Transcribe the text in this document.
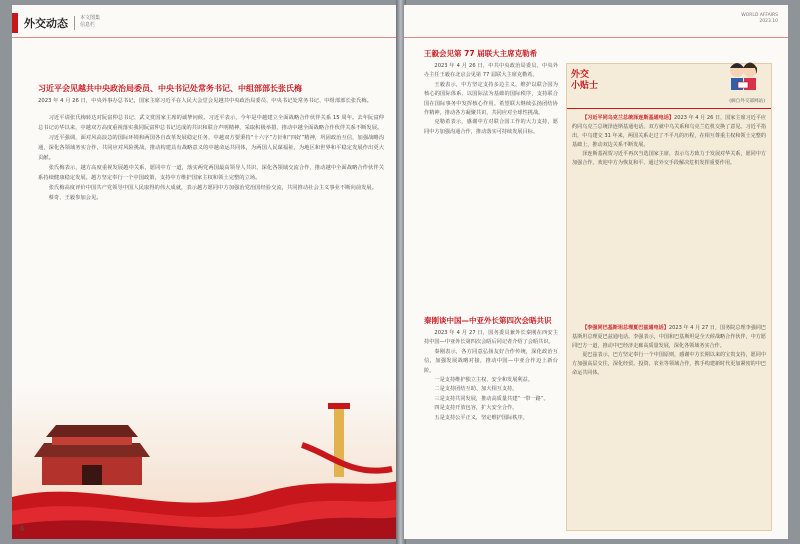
外交动态 本文图集
信息栏
习近平会见越共中央政治局委员、中央书记处常务书记、中组部部长张氏梅
2023 年 4 月 26 日，中央外事办总书记，国家主席习近平在人民大会堂会见越共中央政治局委员、中央书记处常务书记、中组部部长张氏梅。

习近平请张氏梅转达对阮富仲总书记、武文赏国家主席的诚挚问候。习近平表示，今年是中越建立全面战略合作伙伴关系 15 周年。去年阮富仲总书记访华以来，中越双方高度重视落实我同阮富仲总书记达成的共识和联合声明精神，采取积极举措，推动中越全面战略合作伙伴关系不断发展。

习近平强调，面对风高浪急的国际环境和两国各自改革发展稳定任务，中越双方要秉持“十六字”方针和“四好”精神，巩固政治互信，加强战略沟通，深化各领域务实合作，共同应对风险挑战，推动构建具有战略意义的中越命运共同体，为两国人民谋福祉，为地区和世界和平稳定发展作出更大贡献。

张氏梅表示，越方高度重视发展越中关系，愿同中方一道，落实两党两国最高领导人共识，深化各领域交流合作，推动越中全面战略合作伙伴关系持续健康稳定发展。越方坚定奉行一个中国政策，支持中方维护国家主权和领土完整的立场。

张氏梅高度评价中国共产党领导中国人民取得的伟大成就，表示越方愿同中方加强治党治国经验交流，共同推动社会主义事业不断向前发展。

蔡奇、王毅参加会见。

6
WORLD AFFAIRS
2023.10
王毅会见第 77 届联大主席克勒希

2023 年 4 月 26 日，中共中央政治局委员、中央外办主任王毅在北京会见第 77 届联大主席克勒希。

王毅表示，中方坚定支持多边主义，维护以联合国为核心的国际体系、以国际法为基础的国际秩序，支持联合国在国际事务中发挥核心作用。希望联大继续弘扬团结协作精神，推动各方凝聚共识，共同应对全球性挑战。

克勒希表示，感谢中方对联合国工作的大力支持，愿同中方加强沟通合作，推动落实可持续发展目标。

秦刚谈中国—中亚外长第四次会晤共识

2023 年 4 月 27 日，国务委员兼外长秦刚在西安主持中国—中亚外长第四次会晤后同记者介绍了会晤共识。

秦刚表示，各方同意弘扬友好合作传统，深化政治互信，加强发展战略对接，推动中国—中亚合作迈上新台阶。

一是支持维护独立主权、安全和发展利益。

二是支持团结互助、加大相互支持。

三是支持共同发展，推动高质量共建“一带一路”。

四是支持开放包容，扩大安全合作。

五是支持公平正义，坚定维护国际秩序。

外交
小贴士
(摘自外交部网站)

【习近平同乌克兰总统泽连斯基通电话】2023 年 4 月 26 日，国家主席习近平应约同乌克兰总统泽连斯基通电话。双方就中乌关系和乌克兰危机交换了意见。习近平指出，中乌建交 31 年来，两国关系走过了不平凡的历程，在相互尊重主权和领土完整的基础上，推动双边关系不断发展。

泽连斯基祝贺习近平再次当选国家主席，表示乌方致力于发展对华关系，愿同中方加强合作，欢迎中方为恢复和平、通过外交手段解决危机发挥重要作用。

【李强同巴基斯坦总理夏巴兹通电话】2023 年 4 月 27 日，国务院总理李强同巴基斯坦总理夏巴兹通电话。李强表示，中国和巴基斯坦是全天候战略合作伙伴，中方愿同巴方一道，推动中巴经济走廊高质量发展，深化各领域务实合作。

夏巴兹表示，巴方坚定奉行一个中国原则，感谢中方长期以来的宝贵支持，愿同中方加强高层交往，深化经贸、投资、农业等领域合作，携手构建新时代更加紧密的中巴命运共同体。
